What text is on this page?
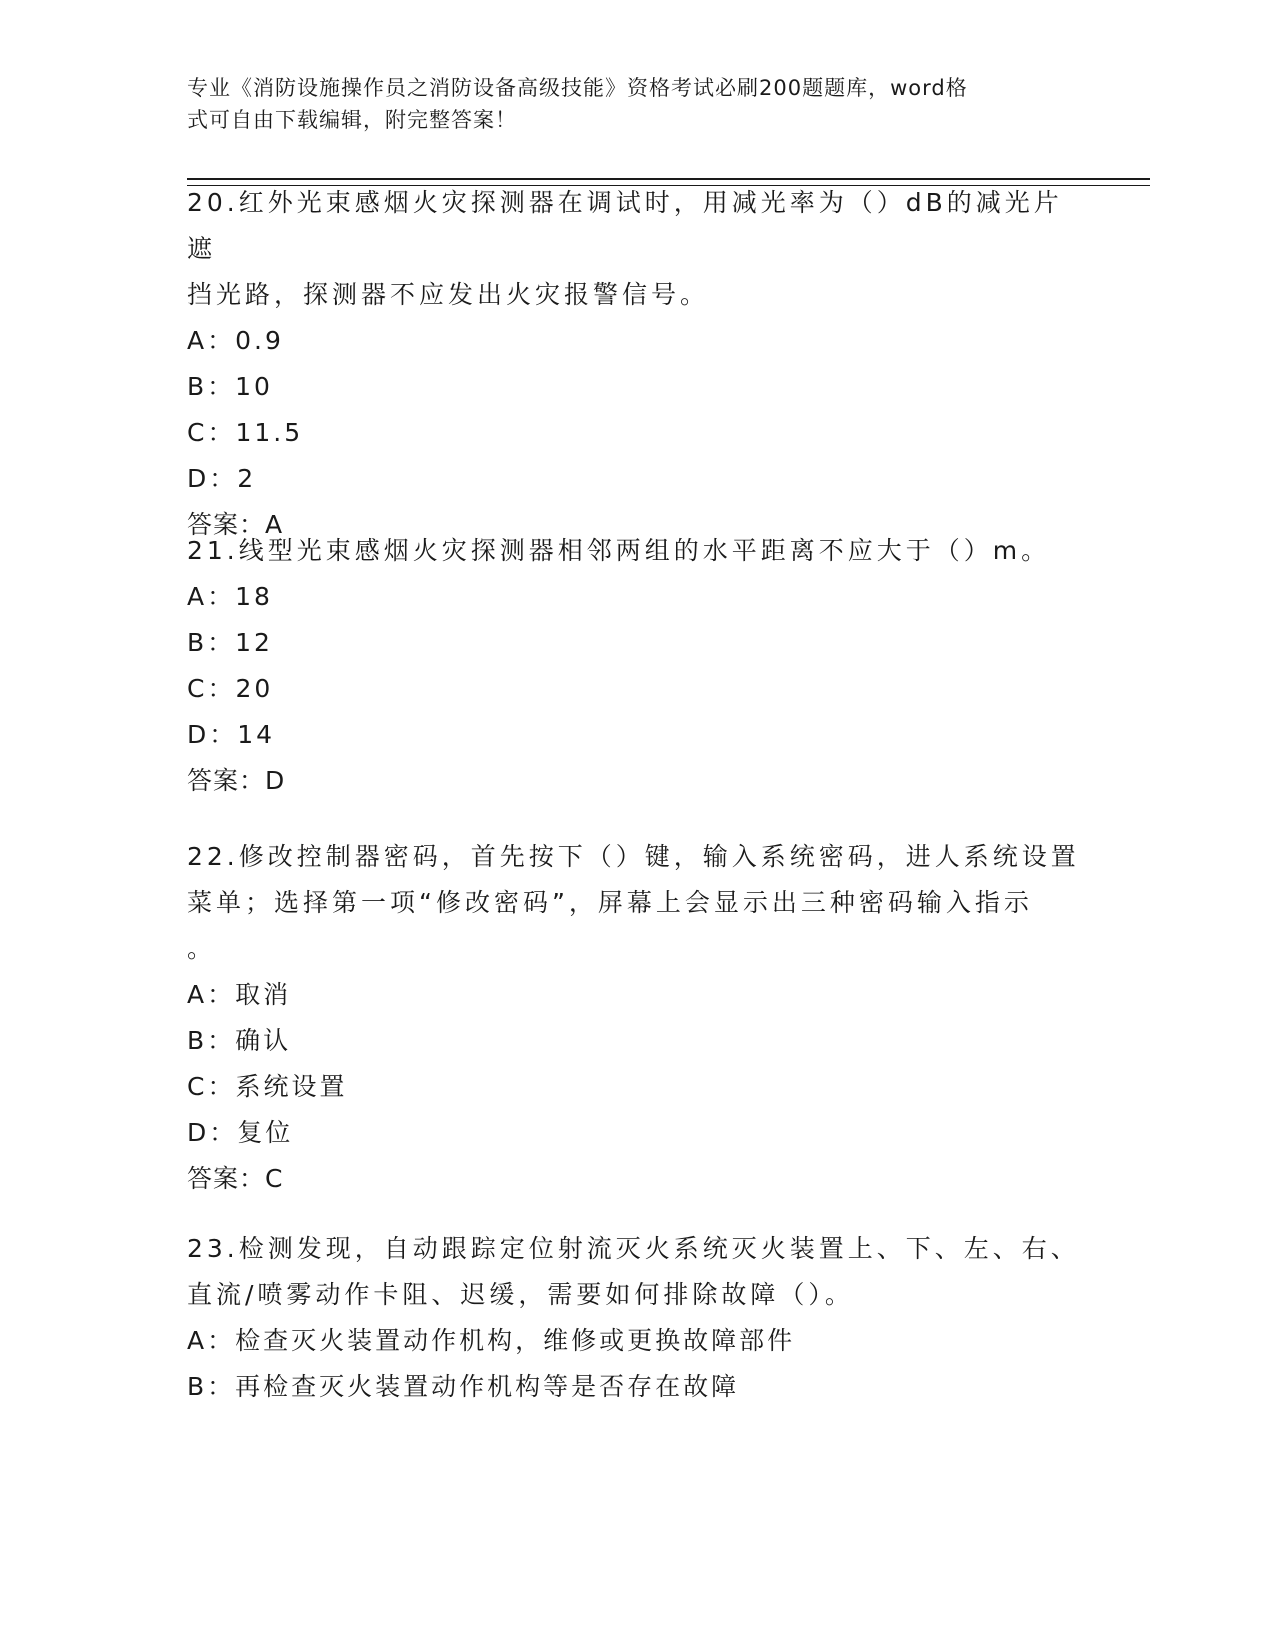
专业《消防设施操作员之消防设备高级技能》资格考试必刷200题题库，word格
式可自由下载编辑，附完整答案！
20.红外光束感烟火灾探测器在调试时，用减光率为（）dB的减光片遮
挡光路，探测器不应发出火灾报警信号。
A：0.9
B：10
C：11.5
D：2
答案：A
21.线型光束感烟火灾探测器相邻两组的水平距离不应大于（）m。
A：18
B：12
C：20
D：14
答案：D
22.修改控制器密码，首先按下（）键，输入系统密码，进人系统设置
菜单；选择第一项“修改密码”，屏幕上会显示出三种密码输入指示
。
A：取消
B：确认
C：系统设置
D：复位
答案：C
23.检测发现，自动跟踪定位射流灭火系统灭火装置上、下、左、右、
直流/喷雾动作卡阻、迟缓，需要如何排除故障（）。
A：检查灭火装置动作机构，维修或更换故障部件
B：再检查灭火装置动作机构等是否存在故障
